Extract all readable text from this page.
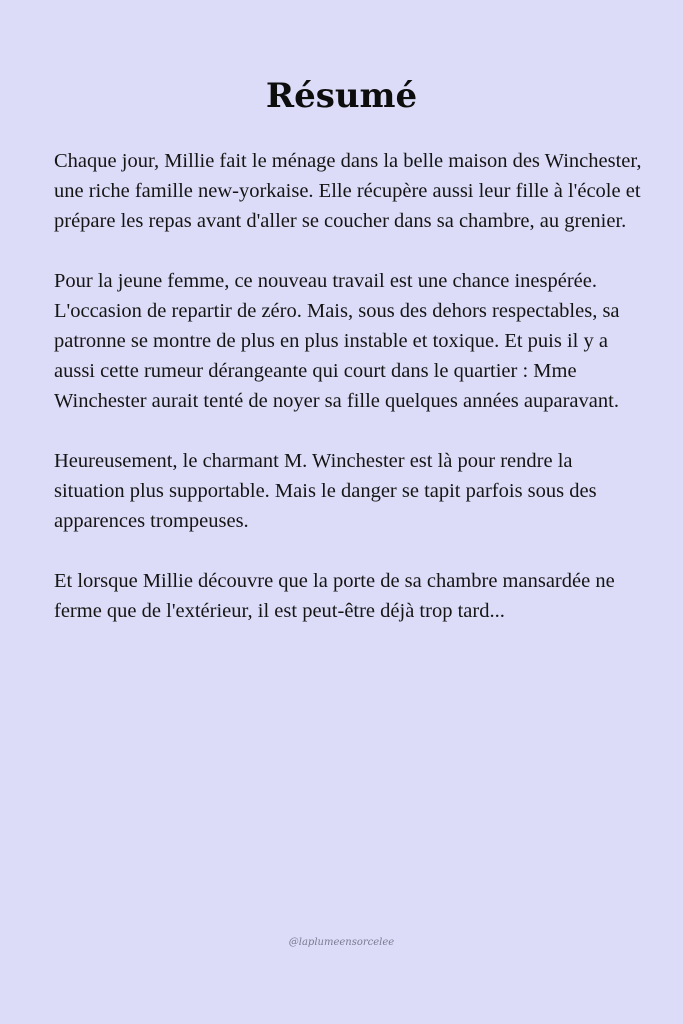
Résumé

Chaque jour, Millie fait le ménage dans la belle maison des Winchester, une riche famille new-yorkaise. Elle récupère aussi leur fille à l'école et prépare les repas avant d'aller se coucher dans sa chambre, au grenier.

Pour la jeune femme, ce nouveau travail est une chance inespérée. L'occasion de repartir de zéro. Mais, sous des dehors respectables, sa patronne se montre de plus en plus instable et toxique. Et puis il y a aussi cette rumeur dérangeante qui court dans le quartier : Mme Winchester aurait tenté de noyer sa fille quelques années auparavant.

Heureusement, le charmant M. Winchester est là pour rendre la situation plus supportable. Mais le danger se tapit parfois sous des apparences trompeuses.

Et lorsque Millie découvre que la porte de sa chambre mansardée ne ferme que de l'extérieur, il est peut-être déjà trop tard...

@laplumeensorcelee
